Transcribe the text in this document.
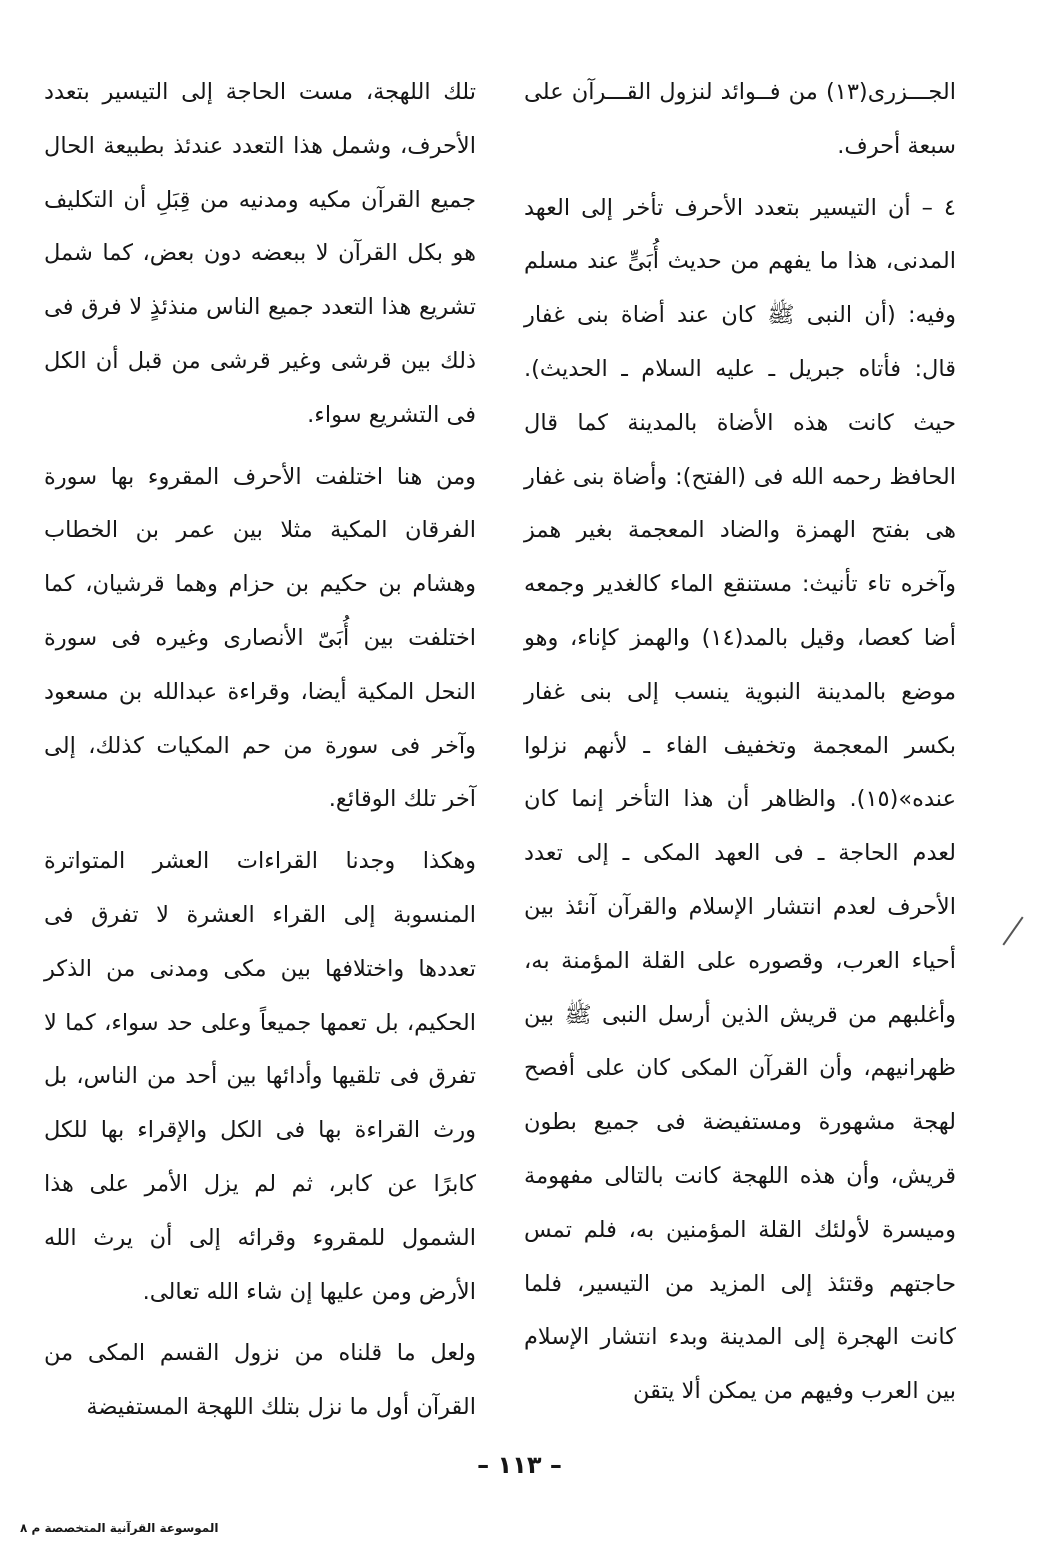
الجـــزرى(١٣) من فــوائد لنزول القـــرآن على سبعة أحرف.

٤ – أن التيسير بتعدد الأحرف تأخر إلى العهد المدنى، هذا ما يفهم من حديث أُبَىٍّ عند مسلم وفيه: (أن النبى ﷺ كان عند أضاة بنى غفار قال: فأتاه جبريل ـ عليه السلام ـ الحديث). حيث كانت هذه الأضاة بالمدينة كما قال الحافظ رحمه الله فى (الفتح): وأضاة بنى غفار هى بفتح الهمزة والضاد المعجمة بغير همز وآخره تاء تأنيث: مستنقع الماء كالغدير وجمعه أضا كعصا، وقيل بالمد(١٤) والهمز كإناء، وهو موضع بالمدينة النبوية ينسب إلى بنى غفار بكسر المعجمة وتخفيف الفاء ـ لأنهم نزلوا عنده»(١٥). والظاهر أن هذا التأخر إنما كان لعدم الحاجة ـ فى العهد المكى ـ إلى تعدد الأحرف لعدم انتشار الإسلام والقرآن آنئذ بين أحياء العرب، وقصوره على القلة المؤمنة به، وأغلبهم من قريش الذين أرسل النبى ﷺ بين ظهرانيهم، وأن القرآن المكى كان على أفصح لهجة مشهورة ومستفيضة فى جميع بطون قريش، وأن هذه اللهجة كانت بالتالى مفهومة وميسرة لأولئك القلة المؤمنين به، فلم تمس حاجتهم وقتئذ إلى المزيد من التيسير، فلما كانت الهجرة إلى المدينة وبدء انتشار الإسلام بين العرب وفيهم من يمكن ألا يتقن

تلك اللهجة، مست الحاجة إلى التيسير بتعدد الأحرف، وشمل هذا التعدد عندئذ بطبيعة الحال جميع القرآن مكيه ومدنيه من قِبَلِ أن التكليف هو بكل القرآن لا ببعضه دون بعض، كما شمل تشريع هذا التعدد جميع الناس منذئذٍ لا فرق فى ذلك بين قرشى وغير قرشى من قبل أن الكل فى التشريع سواء.

ومن هنا اختلفت الأحرف المقروء بها سورة الفرقان المكية مثلا بين عمر بن الخطاب وهشام بن حكيم بن حزام وهما قرشيان، كما اختلفت بين أُبَىّ الأنصارى وغيره فى سورة النحل المكية أيضا، وقراءة عبدالله بن مسعود وآخر فى سورة من حم المكيات كذلك، إلى آخر تلك الوقائع.

وهكذا وجدنا القراءات العشر المتواترة المنسوبة إلى القراء العشرة لا تفرق فى تعددها واختلافها بين مكى ومدنى من الذكر الحكيم، بل تعمها جميعاً وعلى حد سواء، كما لا تفرق فى تلقيها وأدائها بين أحد من الناس، بل ورث القراءة بها فى الكل والإقراء بها للكل كابرًا عن كابر، ثم لم يزل الأمر على هذا الشمول للمقروء وقرائه إلى أن يرث الله الأرض ومن عليها إن شاء الله تعالى.

ولعل ما قلناه من نزول القسم المكى من القرآن أول ما نزل بتلك اللهجة المستفيضة

– ١١٣ –
الموسوعة القرآنية المتخصصة م ٨
